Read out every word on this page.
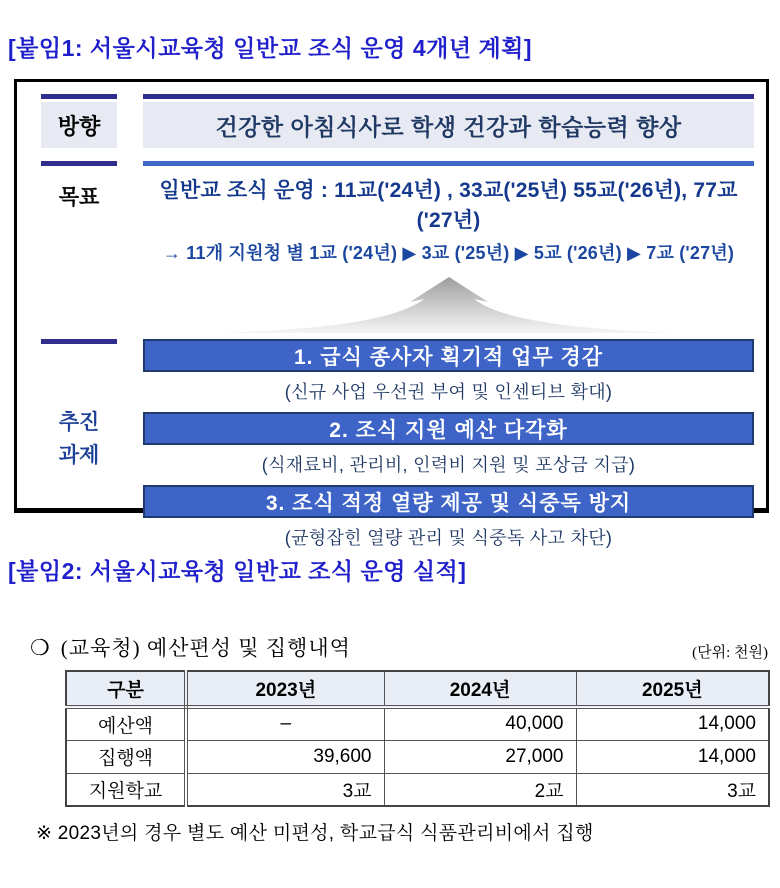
[붙임1: 서울시교육청 일반교 조식 운영 4개년 계획]
방향	건강한 아침식사로 학생 건강과 학습능력 향상
목표	일반교 조식 운영 : 11교('24년) , 33교('25년) 55교('26년), 77교('27년)
→ 11개 지원청 별 1교 ('24년) ▶ 3교 ('25년) ▶ 5교 ('26년) ▶ 7교 ('27년)
추진
과제
1. 급식 종사자 획기적 업무 경감
(신규 사업 우선권 부여 및 인센티브 확대)
2. 조식 지원 예산 다각화
(식재료비, 관리비, 인력비 지원 및 포상금 지급)
3. 조식 적정 열량 제공 및 식중독 방지
(균형잡힌 열량 관리 및 식중독 사고 차단)
[붙임2: 서울시교육청 일반교 조식 운영 실적]
❍ (교육청) 예산편성 및 집행내역	(단위: 천원)
구분	2023년	2024년	2025년
예산액	–	40,000	14,000
집행액	39,600	27,000	14,000
지원학교	3교	2교	3교
※ 2023년의 경우 별도 예산 미편성, 학교급식 식품관리비에서 집행
